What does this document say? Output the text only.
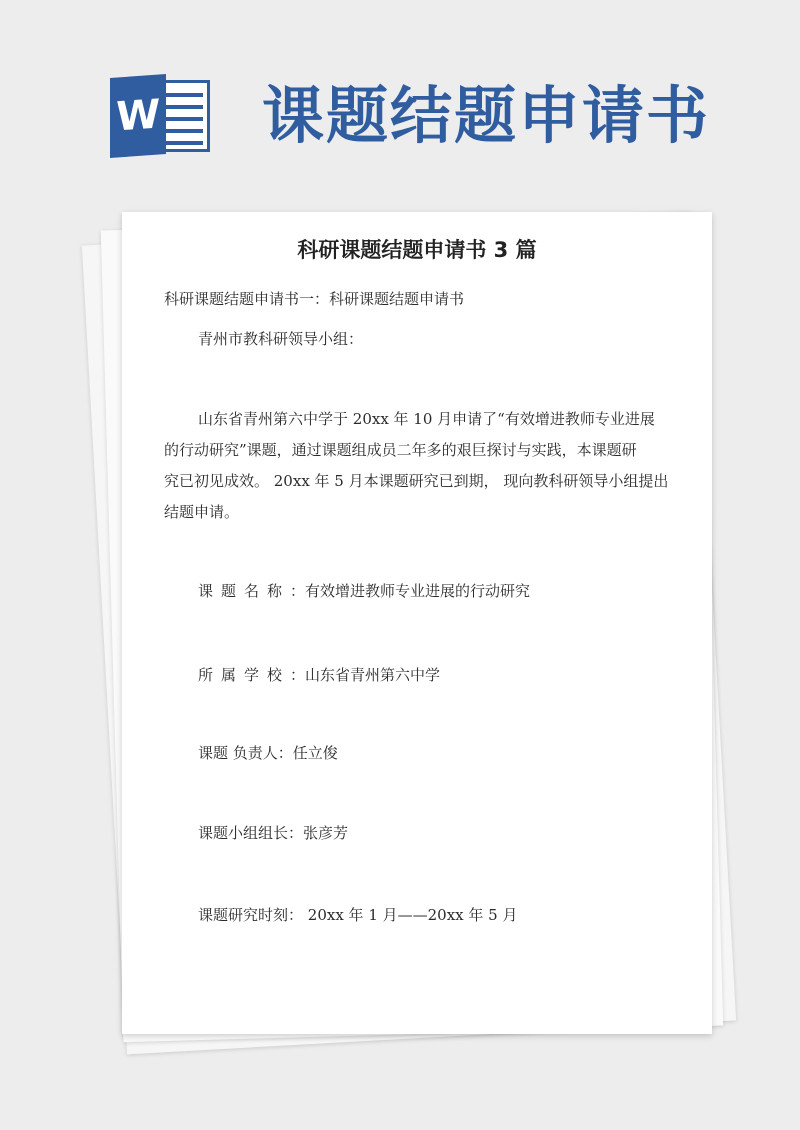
W 课题结题申请书
科研课题结题申请书 3 篇

科研课题结题申请书一：科研课题结题申请书

青州市教科研领导小组：

山东省青州第六中学于 20xx 年 10 月申请了“有效增进教师专业进展
的行动研究”课题，通过课题组成员二年多的艰巨探讨与实践，本课题研
究已初见成效。 20xx 年 5 月本课题研究已到期， 现向教科研领导小组提出
结题申请。

课题名称：有效增进教师专业进展的行动研究

所属学校：山东省青州第六中学

课题 负责人：任立俊

课题小组组长：张彦芳

课题研究时刻： 20xx 年 1 月——20xx 年 5 月
